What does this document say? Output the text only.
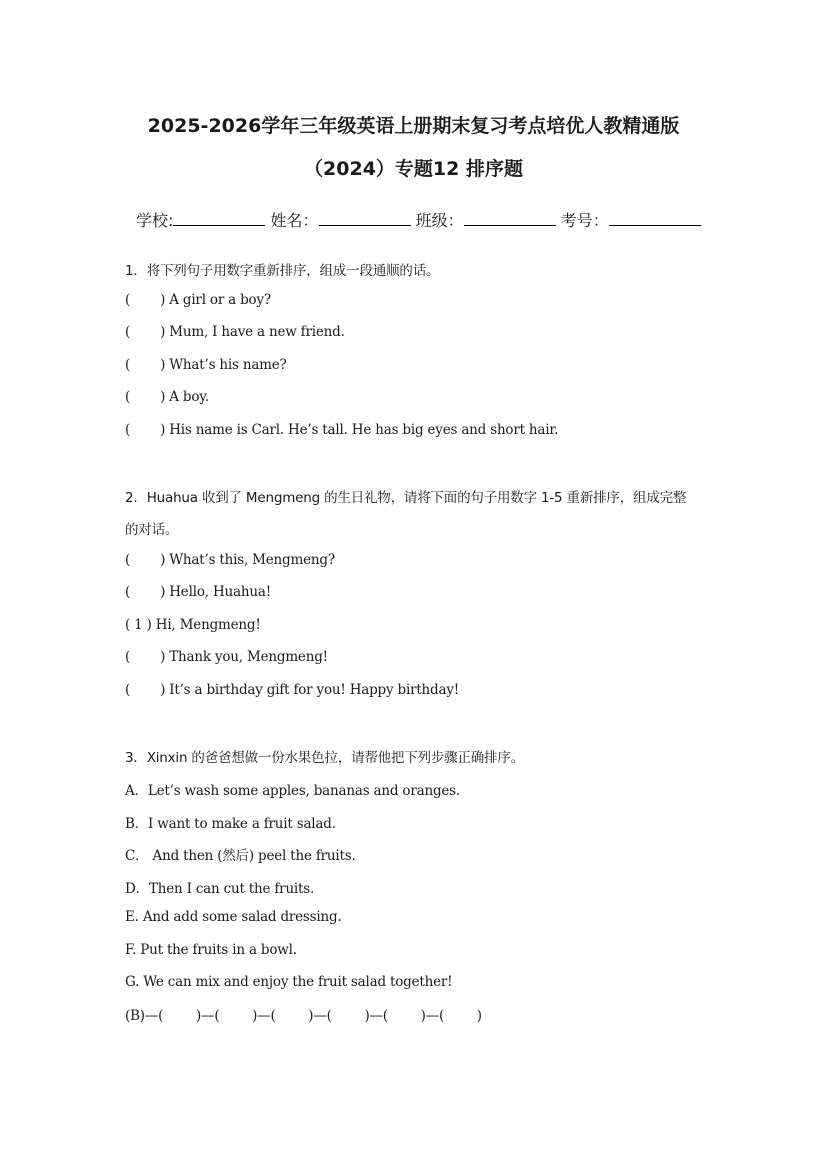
2025-2026学年三年级英语上册期末复习考点培优人教精通版
（2024）专题12 排序题
学校:	姓名：	班级：	考号：
1．将下列句子用数字重新排序，组成一段通顺的话。
( ) A girl or a boy?
( ) Mum, I have a new friend.
( ) What’s his name?
( ) A boy.
( ) His name is Carl. He’s tall. He has big eyes and short hair.
2．Huahua 收到了 Mengmeng 的生日礼物，请将下面的句子用数字 1-5 重新排序，组成完整
的对话。
( ) What’s this, Mengmeng?
( ) Hello, Huahua!
( 1 ) Hi, Mengmeng!
( ) Thank you, Mengmeng!
( ) It’s a birthday gift for you! Happy birthday!
3．Xinxin 的爸爸想做一份水果色拉，请帮他把下列步骤正确排序。
A．Let’s wash some apples, bananas and oranges.
B．I want to make a fruit salad.
C． And then (然后) peel the fruits.
D．Then I can cut the fruits.
E. And add some salad dressing.
F. Put the fruits in a bowl.
G. We can mix and enjoy the fruit salad together!
(B)—(        )—(        )—(        )—(        )—(        )—(        )
